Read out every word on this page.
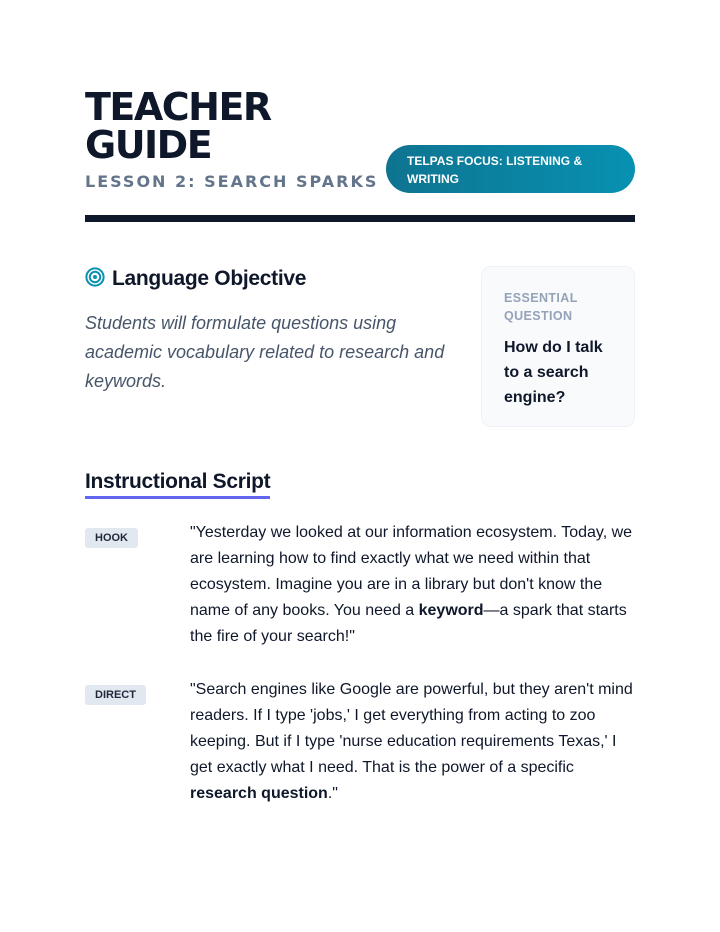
TEACHER
GUIDE
LESSON 2: SEARCH SPARKS
TELPAS FOCUS: LISTENING & WRITING
Language Objective

Students will formulate questions using academic vocabulary related to research and keywords.

ESSENTIAL QUESTION
How do I talk to a search engine?
Instructional Script
HOOK	"Yesterday we looked at our information ecosystem. Today, we are learning how to find exactly what we need within that ecosystem. Imagine you are in a library but don't know the name of any books. You need a keyword—a spark that starts the fire of your search!"

DIRECT	"Search engines like Google are powerful, but they aren't mind readers. If I type 'jobs,' I get everything from acting to zoo keeping. But if I type 'nurse education requirements Texas,' I get exactly what I need. That is the power of a specific research question."
